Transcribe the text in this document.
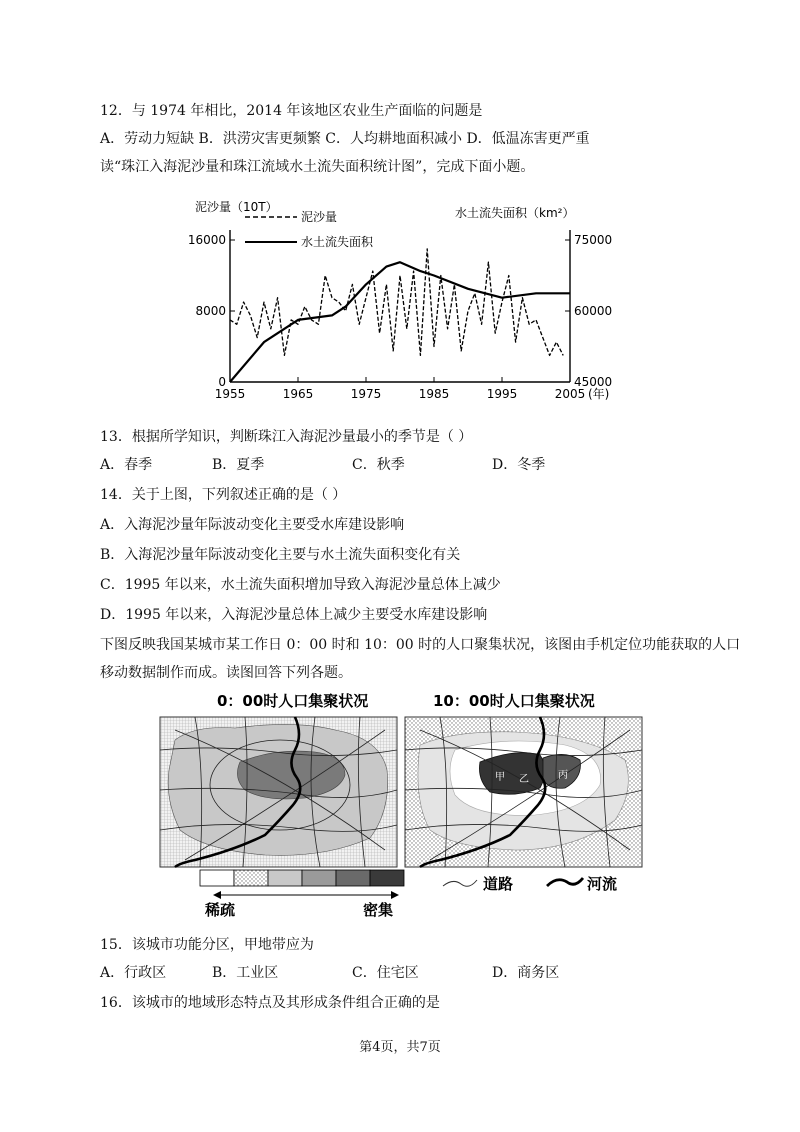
12．与 1974 年相比，2014 年该地区农业生产面临的问题是
A．劳动力短缺 B．洪涝灾害更频繁 C．人均耕地面积减小 D．低温冻害更严重
读“珠江入海泥沙量和珠江流域水土流失面积统计图”，完成下面小题。
泥沙量（10T）	水土流失面积（km²）
泥沙量
水土流失面积
1955	1965	1975	1985	1995	2005 (年)
0
8000
16000
45000
60000
75000
13．根据所学知识，判断珠江入海泥沙量最小的季节是（ ）
A．春季	B．夏季	C．秋季	D．冬季
14．关于上图，下列叙述正确的是（ ）
A．入海泥沙量年际波动变化主要受水库建设影响
B．入海泥沙量年际波动变化主要与水土流失面积变化有关
C．1995 年以来，水土流失面积增加导致入海泥沙量总体上减少
D．1995 年以来，入海泥沙量总体上减少主要受水库建设影响
下图反映我国某城市某工作日 0：00 时和 10：00 时的人口聚集状况，该图由手机定位功能获取的人口
移动数据制作而成。读图回答下列各题。
0：00时人口集聚状况	10：00时人口集聚状况
甲 乙	丙
稀疏	密集
道路	河流
15．该城市功能分区，甲地带应为
A．行政区	B．工业区	C．住宅区	D．商务区
16．该城市的地域形态特点及其形成条件组合正确的是
第4页，共7页
